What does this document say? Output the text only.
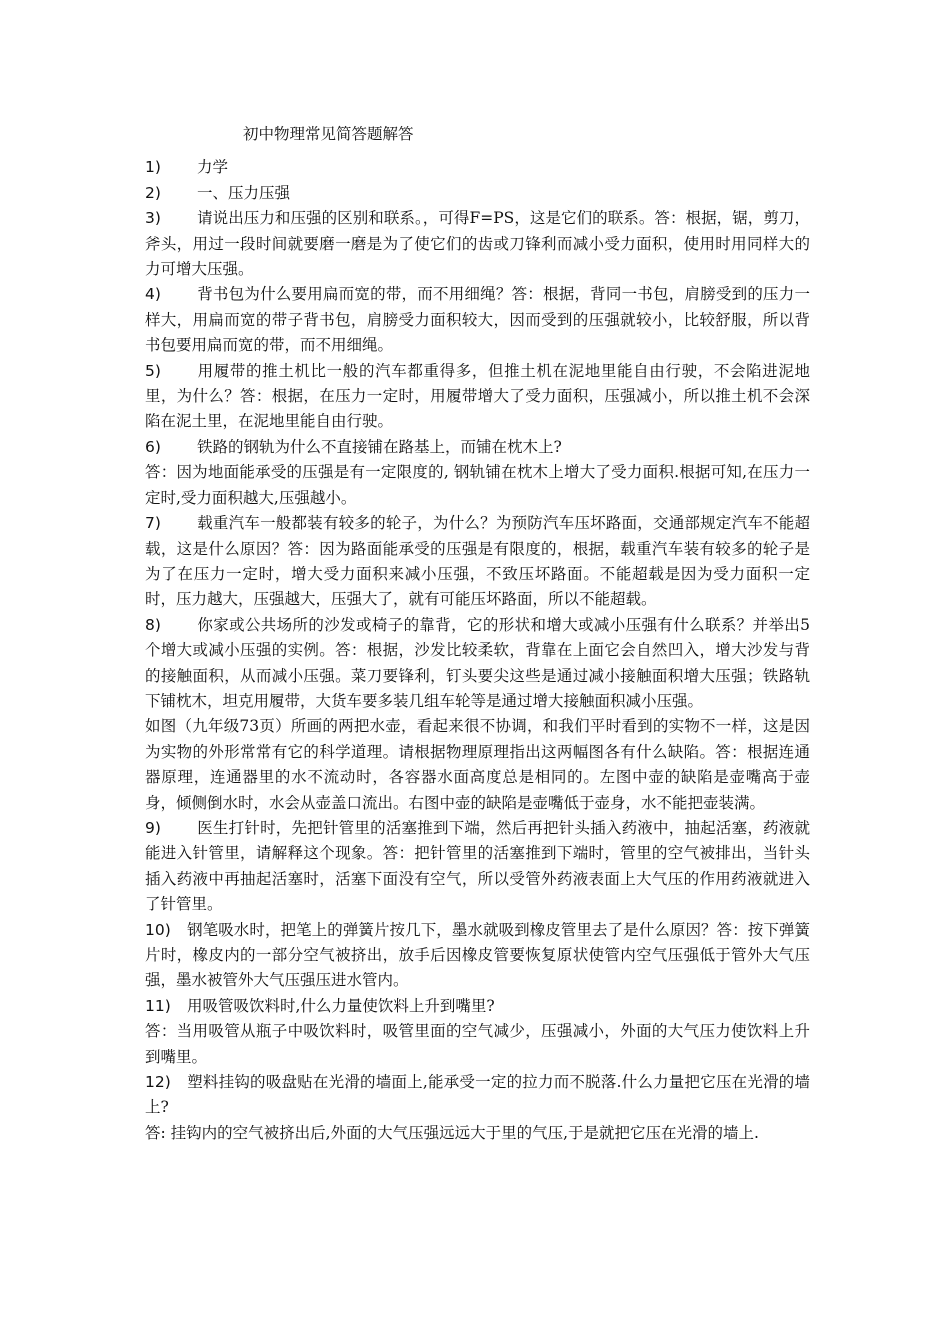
初中物理常见简答题解答

1) 力学

2) 一、压力压强

3) 请说出压力和压强的区别和联系。，可得F=PS，这是它们的联系。答：根据，锯，剪刀，斧头，用过一段时间就要磨一磨是为了使它们的齿或刀锋利而减小受力面积，使用时用同样大的力可增大压强。

4) 背书包为什么要用扁而宽的带，而不用细绳？答：根据，背同一书包，肩膀受到的压力一样大，用扁而宽的带子背书包，肩膀受力面积较大，因而受到的压强就较小，比较舒服，所以背书包要用扁而宽的带，而不用细绳。

5) 用履带的推土机比一般的汽车都重得多，但推土机在泥地里能自由行驶，不会陷进泥地里，为什么？答：根据，在压力一定时，用履带增大了受力面积，压强减小，所以推土机不会深陷在泥土里，在泥地里能自由行驶。

6) 铁路的钢轨为什么不直接铺在路基上，而铺在枕木上?

答：因为地面能承受的压强是有一定限度的, 钢轨铺在枕木上增大了受力面积.根据可知,在压力一定时,受力面积越大,压强越小。

7) 载重汽车一般都装有较多的轮子，为什么？为预防汽车压坏路面，交通部规定汽车不能超载，这是什么原因？答：因为路面能承受的压强是有限度的，根据，载重汽车装有较多的轮子是为了在压力一定时，增大受力面积来减小压强，不致压坏路面。不能超载是因为受力面积一定时，压力越大，压强越大，压强大了，就有可能压坏路面，所以不能超载。

8) 你家或公共场所的沙发或椅子的靠背，它的形状和增大或减小压强有什么联系？并举出5个增大或减小压强的实例。答：根据，沙发比较柔软，背靠在上面它会自然凹入，增大沙发与背的接触面积，从而减小压强。菜刀要锋利，钉头要尖这些是通过减小接触面积增大压强；铁路轨下铺枕木，坦克用履带，大货车要多装几组车轮等是通过增大接触面积减小压强。

如图（九年级73页）所画的两把水壶，看起来很不协调，和我们平时看到的实物不一样，这是因为实物的外形常常有它的科学道理。请根据物理原理指出这两幅图各有什么缺陷。答：根据连通器原理，连通器里的水不流动时，各容器水面高度总是相同的。左图中壶的缺陷是壶嘴高于壶身，倾侧倒水时，水会从壶盖口流出。右图中壶的缺陷是壶嘴低于壶身，水不能把壶装满。

9) 医生打针时，先把针管里的活塞推到下端，然后再把针头插入药液中，抽起活塞，药液就能进入针管里，请解释这个现象。答：把针管里的活塞推到下端时，管里的空气被排出，当针头插入药液中再抽起活塞时，活塞下面没有空气，所以受管外药液表面上大气压的作用药液就进入了针管里。

10) 钢笔吸水时，把笔上的弹簧片按几下，墨水就吸到橡皮管里去了是什么原因？答：按下弹簧片时，橡皮内的一部分空气被挤出，放手后因橡皮管要恢复原状使管内空气压强低于管外大气压强，墨水被管外大气压强压进水管内。

11) 用吸管吸饮料时,什么力量使饮料上升到嘴里?

答：当用吸管从瓶子中吸饮料时，吸管里面的空气减少，压强减小，外面的大气压力使饮料上升到嘴里。

12) 塑料挂钩的吸盘贴在光滑的墙面上,能承受一定的拉力而不脱落.什么力量把它压在光滑的墙上?

答: 挂钩内的空气被挤出后,外面的大气压强远远大于里的气压,于是就把它压在光滑的墙上.
